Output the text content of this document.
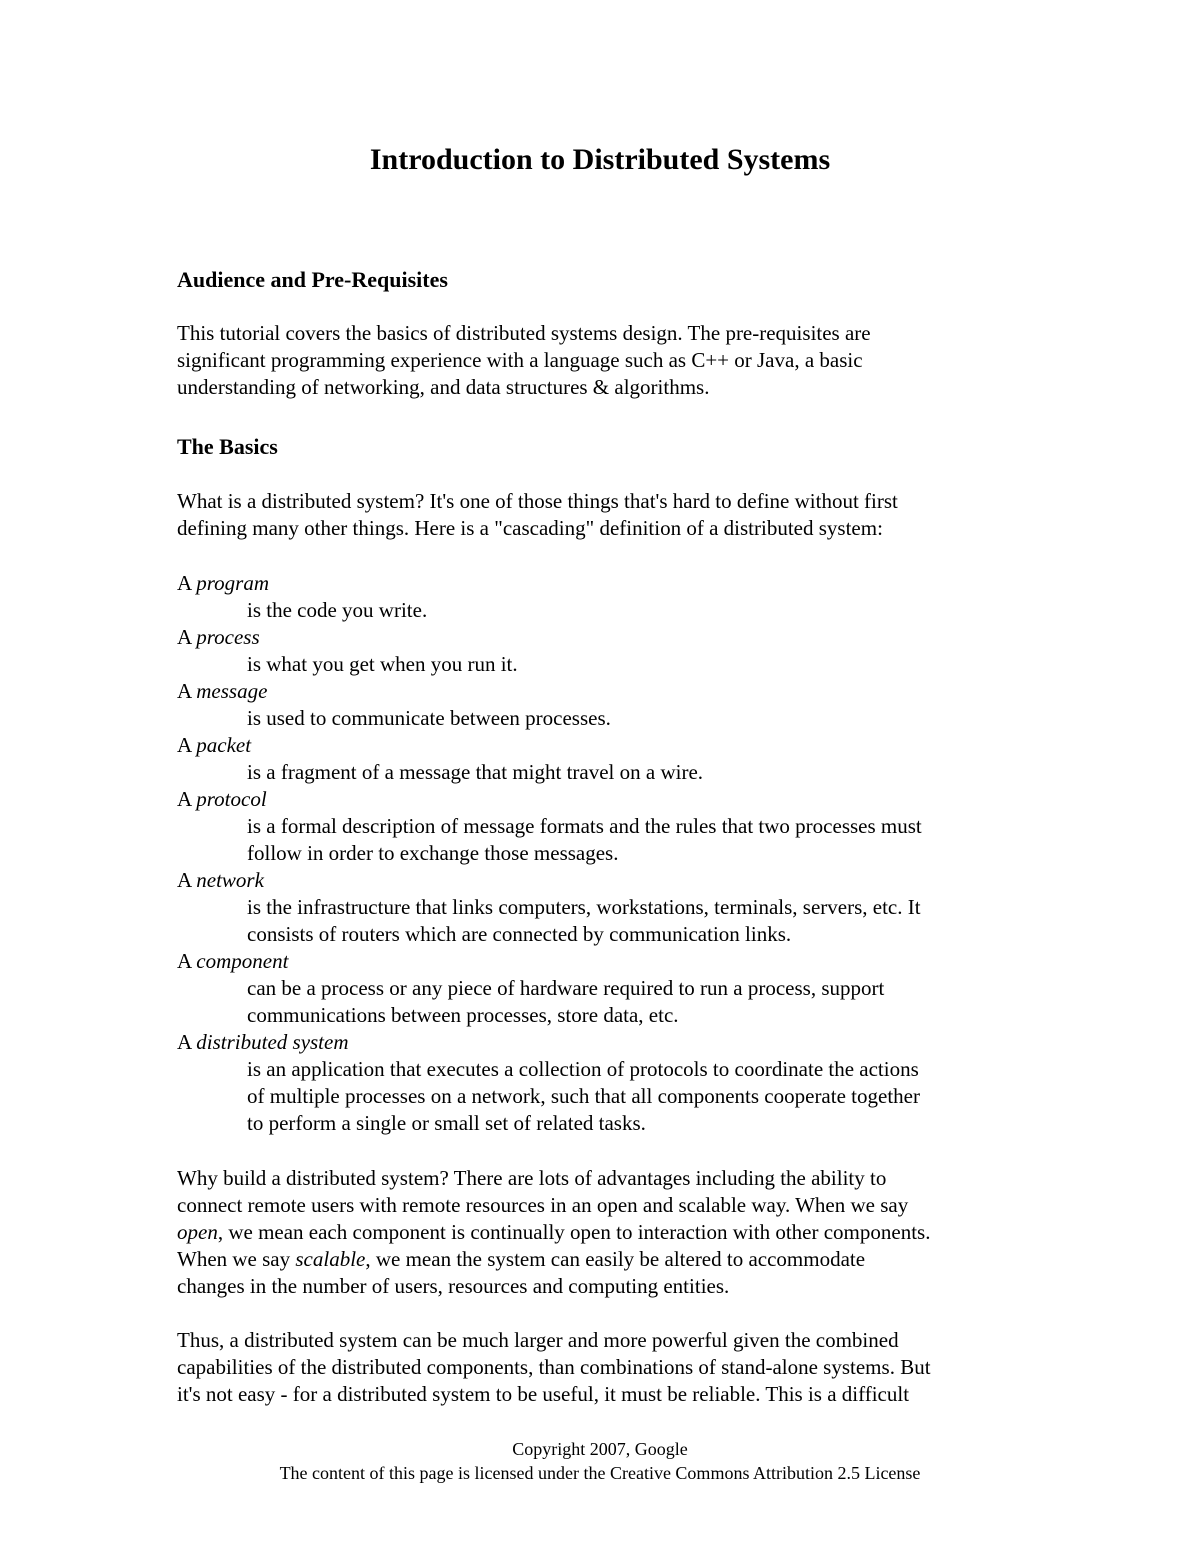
Introduction to Distributed Systems
Audience and Pre-Requisites
This tutorial covers the basics of distributed systems design. The pre-requisites are
significant programming experience with a language such as C++ or Java, a basic
understanding of networking, and data structures & algorithms.
The Basics
What is a distributed system? It's one of those things that's hard to define without first
defining many other things. Here is a "cascading" definition of a distributed system:
A program
is the code you write.
A process
is what you get when you run it.
A message
is used to communicate between processes.
A packet
is a fragment of a message that might travel on a wire.
A protocol
is a formal description of message formats and the rules that two processes must
follow in order to exchange those messages.
A network
is the infrastructure that links computers, workstations, terminals, servers, etc. It
consists of routers which are connected by communication links.
A component
can be a process or any piece of hardware required to run a process, support
communications between processes, store data, etc.
A distributed system
is an application that executes a collection of protocols to coordinate the actions
of multiple processes on a network, such that all components cooperate together
to perform a single or small set of related tasks.
Why build a distributed system? There are lots of advantages including the ability to
connect remote users with remote resources in an open and scalable way. When we say
open, we mean each component is continually open to interaction with other components.
When we say scalable, we mean the system can easily be altered to accommodate
changes in the number of users, resources and computing entities.
Thus, a distributed system can be much larger and more powerful given the combined
capabilities of the distributed components, than combinations of stand-alone systems. But
it's not easy - for a distributed system to be useful, it must be reliable. This is a difficult
Copyright 2007, Google
The content of this page is licensed under the Creative Commons Attribution 2.5 License
